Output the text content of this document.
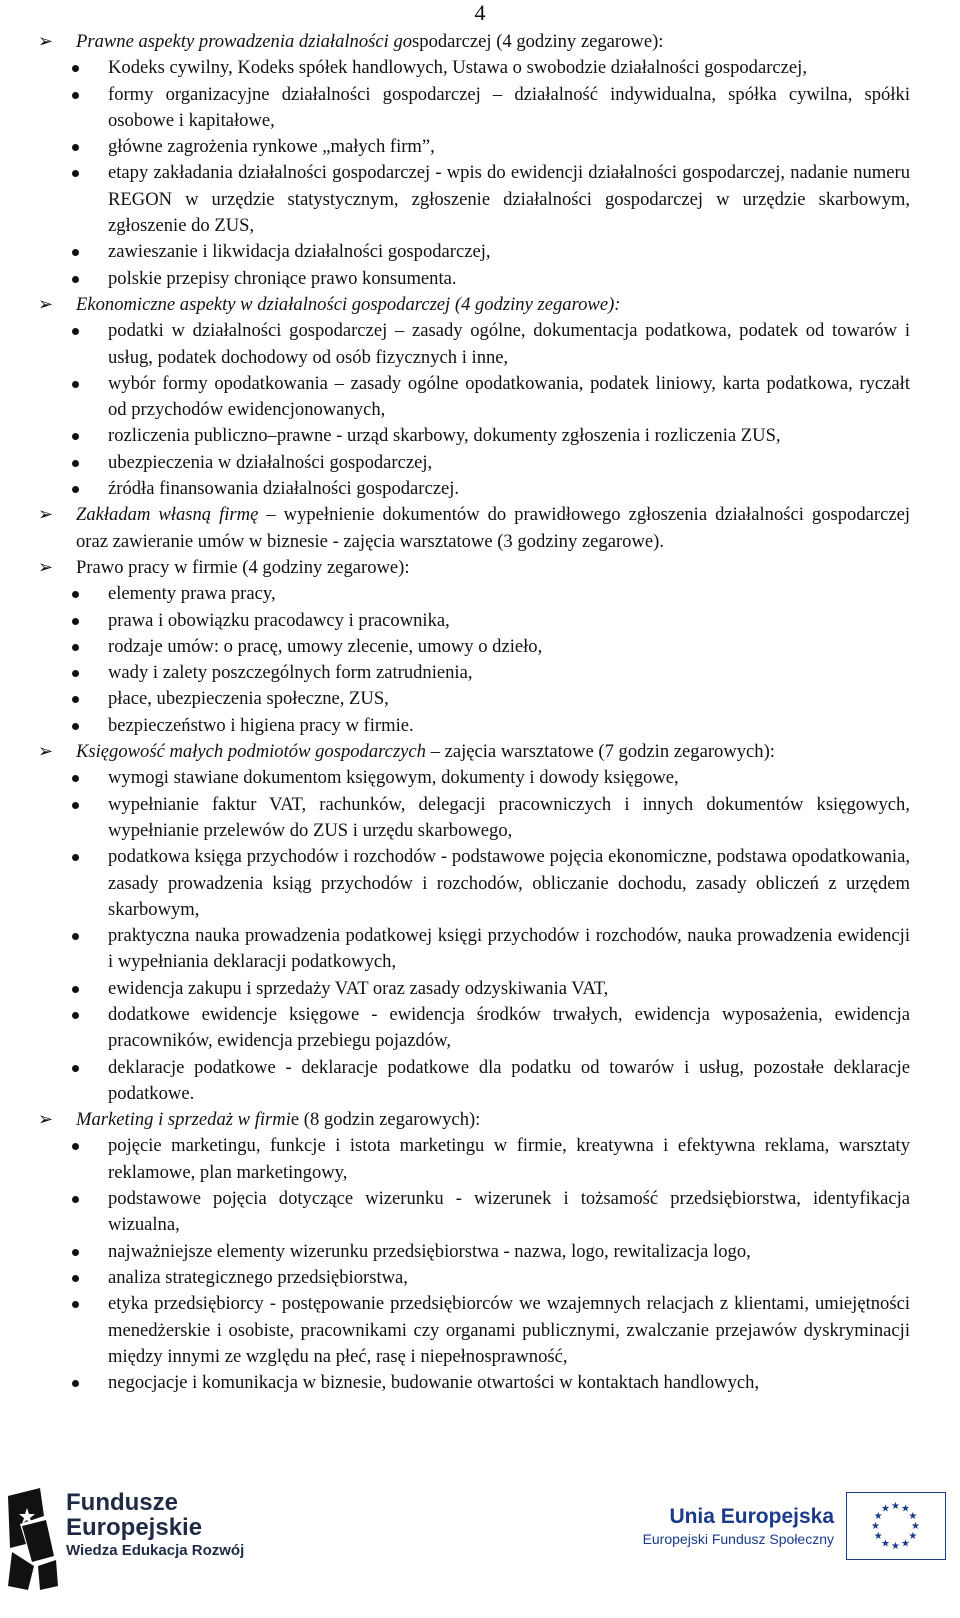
4
➢	Prawne aspekty prowadzenia działalności gospodarczej (4 godziny zegarowe):
Kodeks cywilny, Kodeks spółek handlowych, Ustawa o swobodzie działalności gospodarczej,
formy organizacyjne działalności gospodarczej – działalność indywidualna, spółka cywilna, spółki osobowe i kapitałowe,
główne zagrożenia rynkowe „małych firm”,
etapy zakładania działalności gospodarczej - wpis do ewidencji działalności gospodarczej, nadanie numeru REGON w urzędzie statystycznym, zgłoszenie działalności gospodarczej w urzędzie skarbowym, zgłoszenie do ZUS,
zawieszanie i likwidacja działalności gospodarczej,
polskie przepisy chroniące prawo konsumenta.
➢	Ekonomiczne aspekty w działalności gospodarczej (4 godziny zegarowe):
podatki w działalności gospodarczej – zasady ogólne, dokumentacja podatkowa, podatek od towarów i usług, podatek dochodowy od osób fizycznych i inne,
wybór formy opodatkowania – zasady ogólne opodatkowania, podatek liniowy, karta podatkowa, ryczałt od przychodów ewidencjonowanych,
rozliczenia publiczno–prawne - urząd skarbowy, dokumenty zgłoszenia i rozliczenia ZUS,
ubezpieczenia w działalności gospodarczej,
źródła finansowania działalności gospodarczej.
➢	Zakładam własną firmę – wypełnienie dokumentów do prawidłowego zgłoszenia działalności gospodarczej oraz zawieranie umów w biznesie - zajęcia warsztatowe (3 godziny zegarowe).
➢	Prawo pracy w firmie (4 godziny zegarowe):
elementy prawa pracy,
prawa i obowiązku pracodawcy i pracownika,
rodzaje umów: o pracę, umowy zlecenie, umowy o dzieło,
wady i zalety poszczególnych form zatrudnienia,
płace, ubezpieczenia społeczne, ZUS,
bezpieczeństwo i higiena pracy w firmie.
➢	Księgowość małych podmiotów gospodarczych – zajęcia warsztatowe (7 godzin zegarowych):
wymogi stawiane dokumentom księgowym, dokumenty i dowody księgowe,
wypełnianie faktur VAT, rachunków, delegacji pracowniczych i innych dokumentów księgowych, wypełnianie przelewów do ZUS i urzędu skarbowego,
podatkowa księga przychodów i rozchodów - podstawowe pojęcia ekonomiczne, podstawa opodatkowania, zasady prowadzenia ksiąg przychodów i rozchodów, obliczanie dochodu, zasady obliczeń z urzędem skarbowym,
praktyczna nauka prowadzenia podatkowej księgi przychodów i rozchodów, nauka prowadzenia ewidencji i wypełniania deklaracji podatkowych,
ewidencja zakupu i sprzedaży VAT oraz zasady odzyskiwania VAT,
dodatkowe ewidencje księgowe - ewidencja środków trwałych, ewidencja wyposażenia, ewidencja pracowników, ewidencja przebiegu pojazdów,
deklaracje podatkowe - deklaracje podatkowe dla podatku od towarów i usług, pozostałe deklaracje podatkowe.
➢	Marketing i sprzedaż w firmie (8 godzin zegarowych):
pojęcie marketingu, funkcje i istota marketingu w firmie, kreatywna i efektywna reklama, warsztaty reklamowe, plan marketingowy,
podstawowe pojęcia dotyczące wizerunku - wizerunek i tożsamość przedsiębiorstwa, identyfikacja wizualna,
najważniejsze elementy wizerunku przedsiębiorstwa - nazwa, logo, rewitalizacja logo,
analiza strategicznego przedsiębiorstwa,
etyka przedsiębiorcy - postępowanie przedsiębiorców we wzajemnych relacjach z klientami, umiejętności menedżerskie i osobiste, pracownikami czy organami publicznymi, zwalczanie przejawów dyskryminacji między innymi ze względu na płeć, rasę i niepełnosprawność,
negocjacje i komunikacja w biznesie, budowanie otwartości w kontaktach handlowych,
Fundusze
Europejskie
Wiedza Edukacja Rozwój
Unia Europejska
Europejski Fundusz Społeczny
★ ★
★
★
★
★
★
★
★
★
★
★
